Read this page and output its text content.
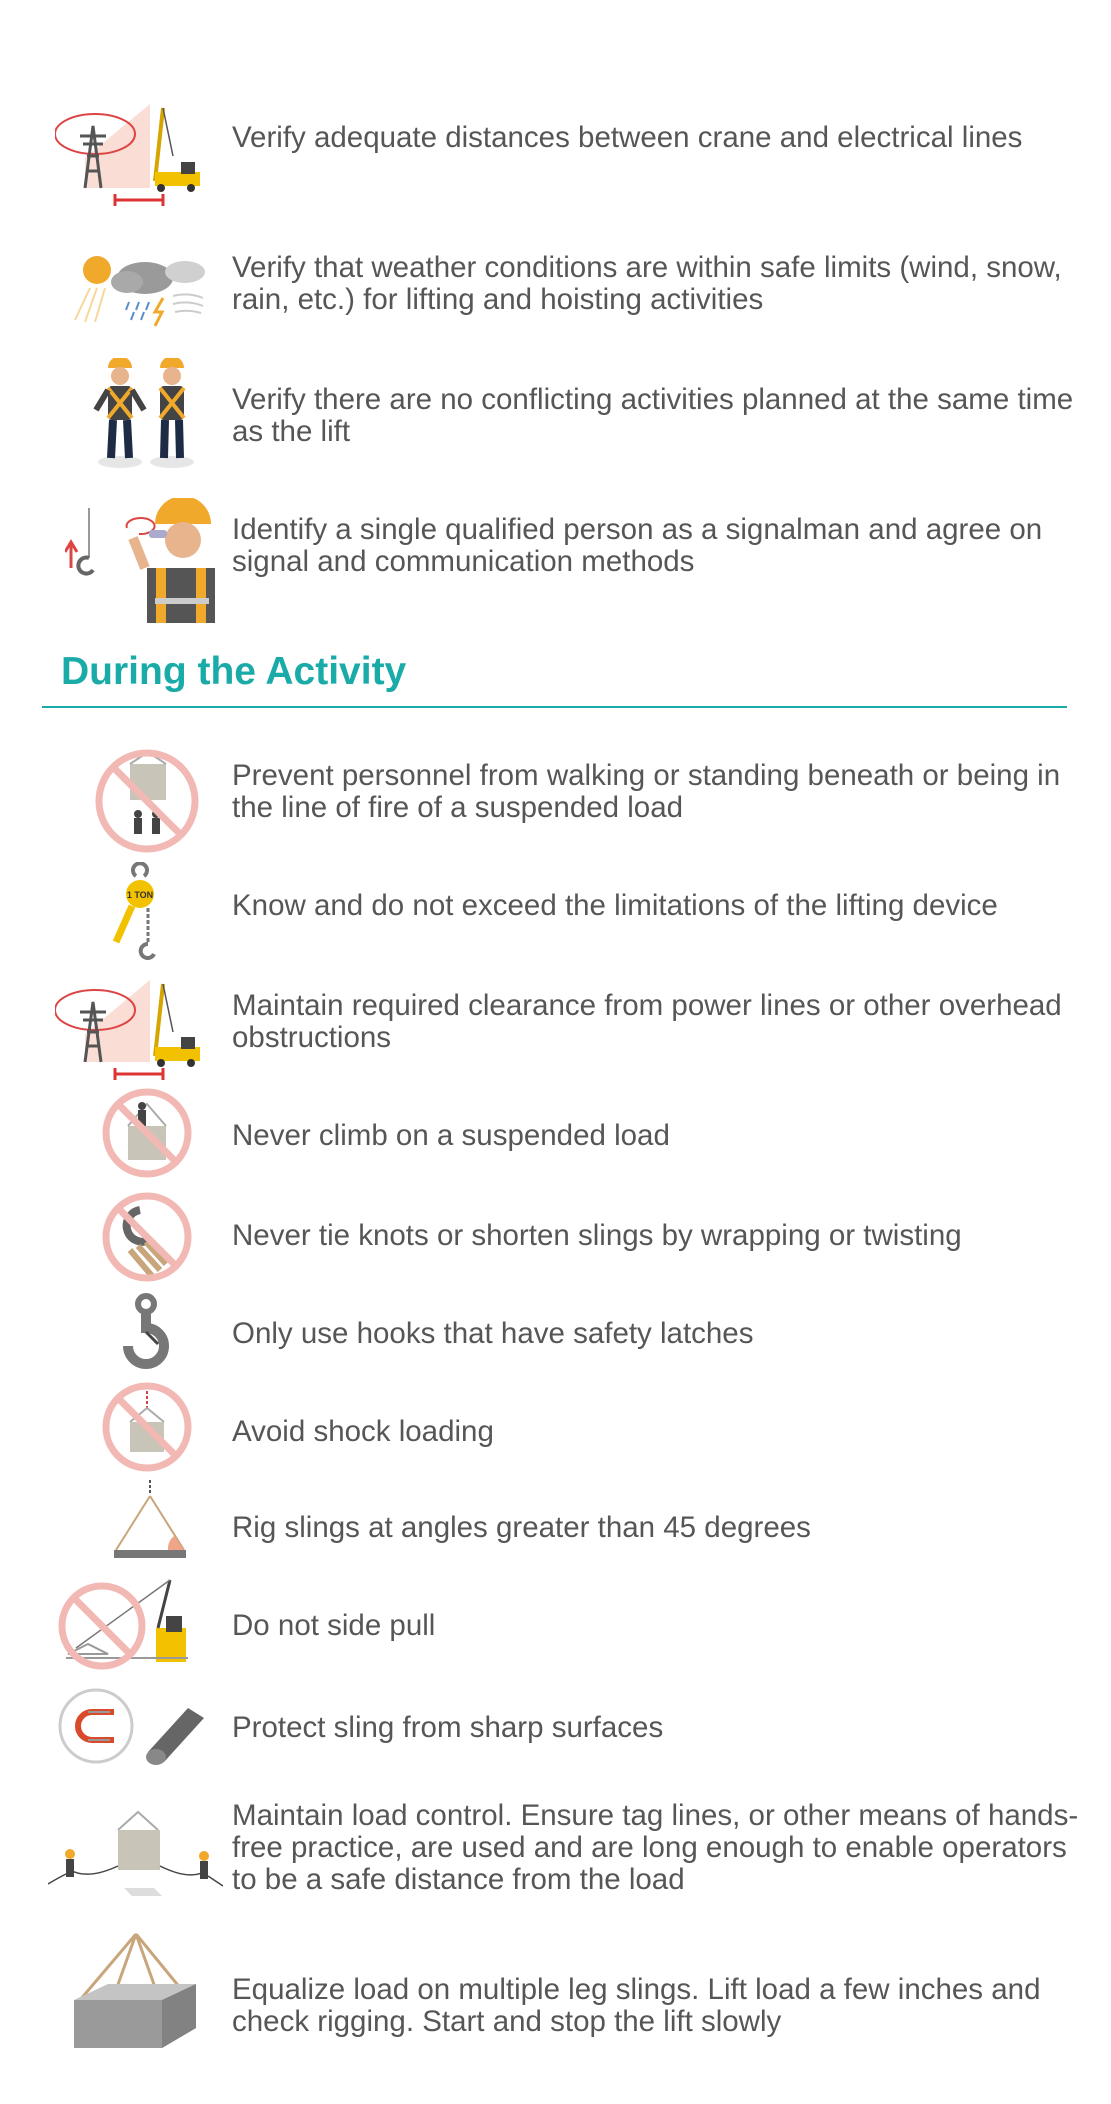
Verify adequate distances between crane and electrical lines
Verify that weather conditions are within safe limits (wind, snow, rain, etc.) for lifting and hoisting activities
Verify there are no conflicting activities planned at the same time as the lift
Identify a single qualified person as a signalman and agree on signal and communication methods
During the Activity
Prevent personnel from walking or standing beneath or being in the line of fire of a suspended load
1 TON	Know and do not exceed the limitations of the lifting device
Maintain required clearance from power lines or other overhead obstructions
Never climb on a suspended load
Never tie knots or shorten slings by wrapping or twisting
Only use hooks that have safety latches
Avoid shock loading
Rig slings at angles greater than 45 degrees
Do not side pull
Protect sling from sharp surfaces
Maintain load control. Ensure tag lines, or other means of hands-free practice, are used and are long enough to enable operators to be a safe distance from the load
Equalize load on multiple leg slings. Lift load a few inches and check rigging. Start and stop the lift slowly
